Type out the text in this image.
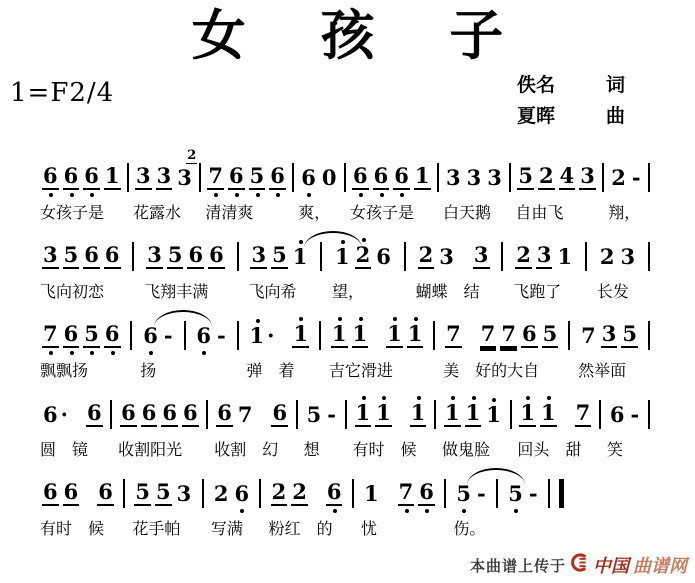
女 孩 子
1=F2/4	佚名	词
夏晖	曲
6 6 6 1
女孩子是
3 3 3
2
花露水
7 6 5 6
清清爽
6 0
爽，
6 6 6 1
女孩子是
3 3 3
白天鹅
5 2 4 3
自由飞
2 -
翔，
3 5 6 6
飞向初恋
3 5 6 6
飞翔丰满
3 5 1
飞向希
1 2 6
望，
2 3 3
蝴蝶　结
2 3 1
飞跑了
2 3
长发
7 6 5 6
飘飘扬
6 -
扬
6 - 1 · 1
弹　着
1 1 1 1
吉它滑进
7 7 7 6 5
美　好的大自
7 3 5
然举面
6 · 6
圆　镜
6 6 6 6
收割阳光
6 7 6
收割　幻
5 -
想
1 1 1
有时　候
1 1 1
做鬼脸
1 1 7
回头　甜
6 -
笑
6 6 6
有时　候
5 5 3
花手帕
2 6
写满
2 2 6
粉红　的
1 7 6
忧
5 -
伤。
5 -
本曲谱上传于 中国 曲谱网
